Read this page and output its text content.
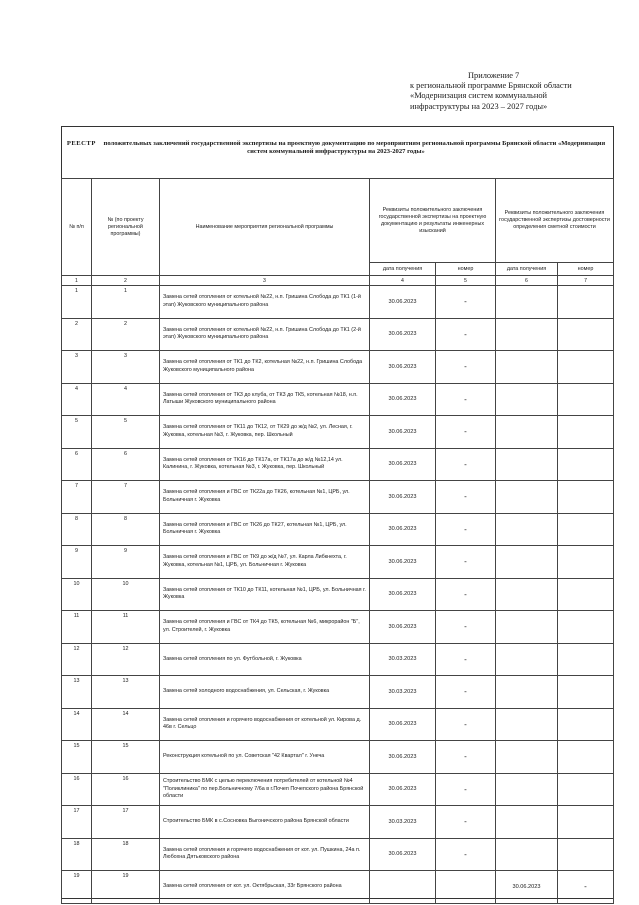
Приложение 7
к региональной программе Брянской области
«Модернизация систем коммунальной
инфраструктуры на 2023 – 2027 годы»
РЕЕСТР положительных заключений государственной экспертизы на проектную документацию по мероприятиям региональной программы Брянской области «Модернизация систем коммунальной инфраструктуры на 2023-2027 годы»
№ п/п	№ (по проекту региональной программы)	Наименование мероприятия региональной программы	Реквизиты положительного заключения государственной экспертизы на проектную документацию и результаты инженерных изысканий		Реквизиты положительного заключения государственной экспертизы достоверности определения сметной стоимости	
			дата получения	номер	дата получения	номер
1	2	3	4	5	6	7
1	1	Замена сетей отопления от котельной №22, н.п. Гришина Слобода до ТК1 (1-й этап) Жуковского муниципального района	30.06.2023	-		
2	2	Замена сетей отопления от котельной №22, н.п. Гришина Слобода до ТК1 (2-й этап) Жуковского муниципального района	30.06.2023	-		
3	3	Замена сетей отопления от ТК1 до ТК2, котельная №22, н.п. Гришина Слобода Жуковского муниципального района	30.06.2023	-		
4	4	Замена сетей отопления от ТК3 до клуба, от ТК3 до ТК5, котельная №18, н.п. Латыши Жуковского муниципального района	30.06.2023	-		
5	5	Замена сетей отопления от ТК11 до ТК12, от ТК29 до ж/д №2, ул. Лесная, г. Жуковка, котельная №3, г. Жуковка, пер. Школьный	30.06.2023	-		
6	6	Замена сетей отопления от ТК16 до ТК17а, от ТК17а до ж/д №12,14 ул. Калинина, г. Жуковка, котельная №3, г. Жуковка, пер. Школьный	30.06.2023	-		
7	7	Замена сетей отопления и ГВС от ТК22а до ТК26, котельная №1, ЦРБ, ул. Больничная г. Жуковка	30.06.2023	-		
8	8	Замена сетей отопления и ГВС от ТК26 до ТК27, котельная №1, ЦРБ, ул. Больничная г. Жуковка	30.06.2023	-		
9	9	Замена сетей отопления и ГВС от ТК9 до ж/д №7, ул. Карла Либкнехта, г. Жуковка, котельная №1, ЦРБ, ул. Больничная г. Жуковка	30.06.2023	-		
10	10	Замена сетей отопления от ТК10 до ТК11, котельная №1, ЦРБ, ул. Больничная г. Жуковка	30.06.2023	-		
11	11	Замена сетей отопления и ГВС от ТК4 до ТК5, котельная №6, микрорайон "Б", ул. Строителей, г. Жуковка	30.06.2023	-		
12	12	Замена сетей отопления по ул. Футбольной, г. Жуковка	30.03.2023	-		
13	13	Замена сетей холодного водоснабжения, ул. Сельская, г. Жуковка	30.03.2023	-		
14	14	Замена сетей отопления и горячего водоснабжения от котельной ул. Кирова д. 46в г. Сельцо	30.06.2023	-		
15	15	Реконструкция котельной по ул. Советская "42 Квартал" г. Унеча	30.06.2023	-		
16	16	Строительство БМК с целью переключения потребителей от котельной №4 "Поликлиника" по пер.Больничному 7/6а в г.Почеп Почепского района Брянской области	30.06.2023	-		
17	17	Строительство БМК в с.Сосновка Выгоничского района Брянской области	30.03.2023	-		
18	18	Замена сетей отопления и горячего водоснабжения от кот. ул. Пушкина, 24а п. Любохна Дятьковского района	30.06.2023	-		
19	19	Замена сетей отопления от кот. ул. Октябрьская, 33г Брянского района			30.06.2023	-
